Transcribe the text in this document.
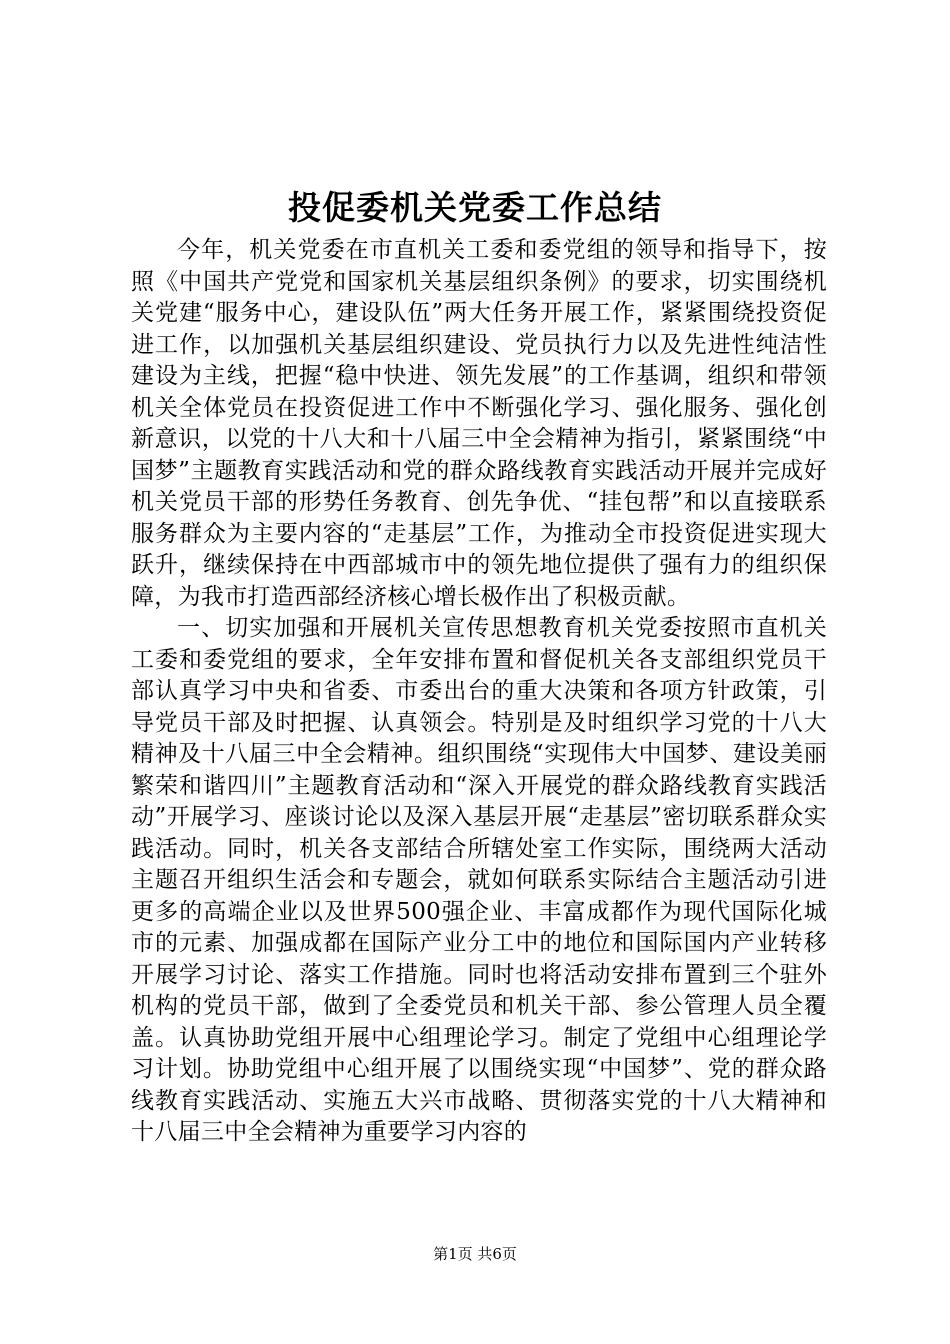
投促委机关党委工作总结

今年，机关党委在市直机关工委和委党组的领导和指导下，按照《中国共产党党和国家机关基层组织条例》的要求，切实围绕机关党建“服务中心，建设队伍”两大任务开展工作，紧紧围绕投资促进工作，以加强机关基层组织建设、党员执行力以及先进性纯洁性建设为主线，把握“稳中快进、领先发展”的工作基调，组织和带领机关全体党员在投资促进工作中不断强化学习、强化服务、强化创新意识，以党的十八大和十八届三中全会精神为指引，紧紧围绕“中国梦”主题教育实践活动和党的群众路线教育实践活动开展并完成好机关党员干部的形势任务教育、创先争优、“挂包帮”和以直接联系服务群众为主要内容的“走基层”工作，为推动全市投资促进实现大跃升，继续保持在中西部城市中的领先地位提供了强有力的组织保障，为我市打造西部经济核心增长极作出了积极贡献。

一、切实加强和开展机关宣传思想教育机关党委按照市直机关工委和委党组的要求，全年安排布置和督促机关各支部组织党员干部认真学习中央和省委、市委出台的重大决策和各项方针政策，引导党员干部及时把握、认真领会。特别是及时组织学习党的十八大精神及十八届三中全会精神。组织围绕“实现伟大中国梦、建设美丽繁荣和谐四川”主题教育活动和“深入开展党的群众路线教育实践活动”开展学习、座谈讨论以及深入基层开展“走基层”密切联系群众实践活动。同时，机关各支部结合所辖处室工作实际，围绕两大活动主题召开组织生活会和专题会，就如何联系实际结合主题活动引进更多的高端企业以及世界500强企业、丰富成都作为现代国际化城市的元素、加强成都在国际产业分工中的地位和国际国内产业转移开展学习讨论、落实工作措施。同时也将活动安排布置到三个驻外机构的党员干部，做到了全委党员和机关干部、参公管理人员全覆盖。认真协助党组开展中心组理论学习。制定了党组中心组理论学习计划。协助党组中心组开展了以围绕实现“中国梦”、党的群众路线教育实践活动、实施五大兴市战略、贯彻落实党的十八大精神和十八届三中全会精神为重要学习内容的

第1页 共6页
